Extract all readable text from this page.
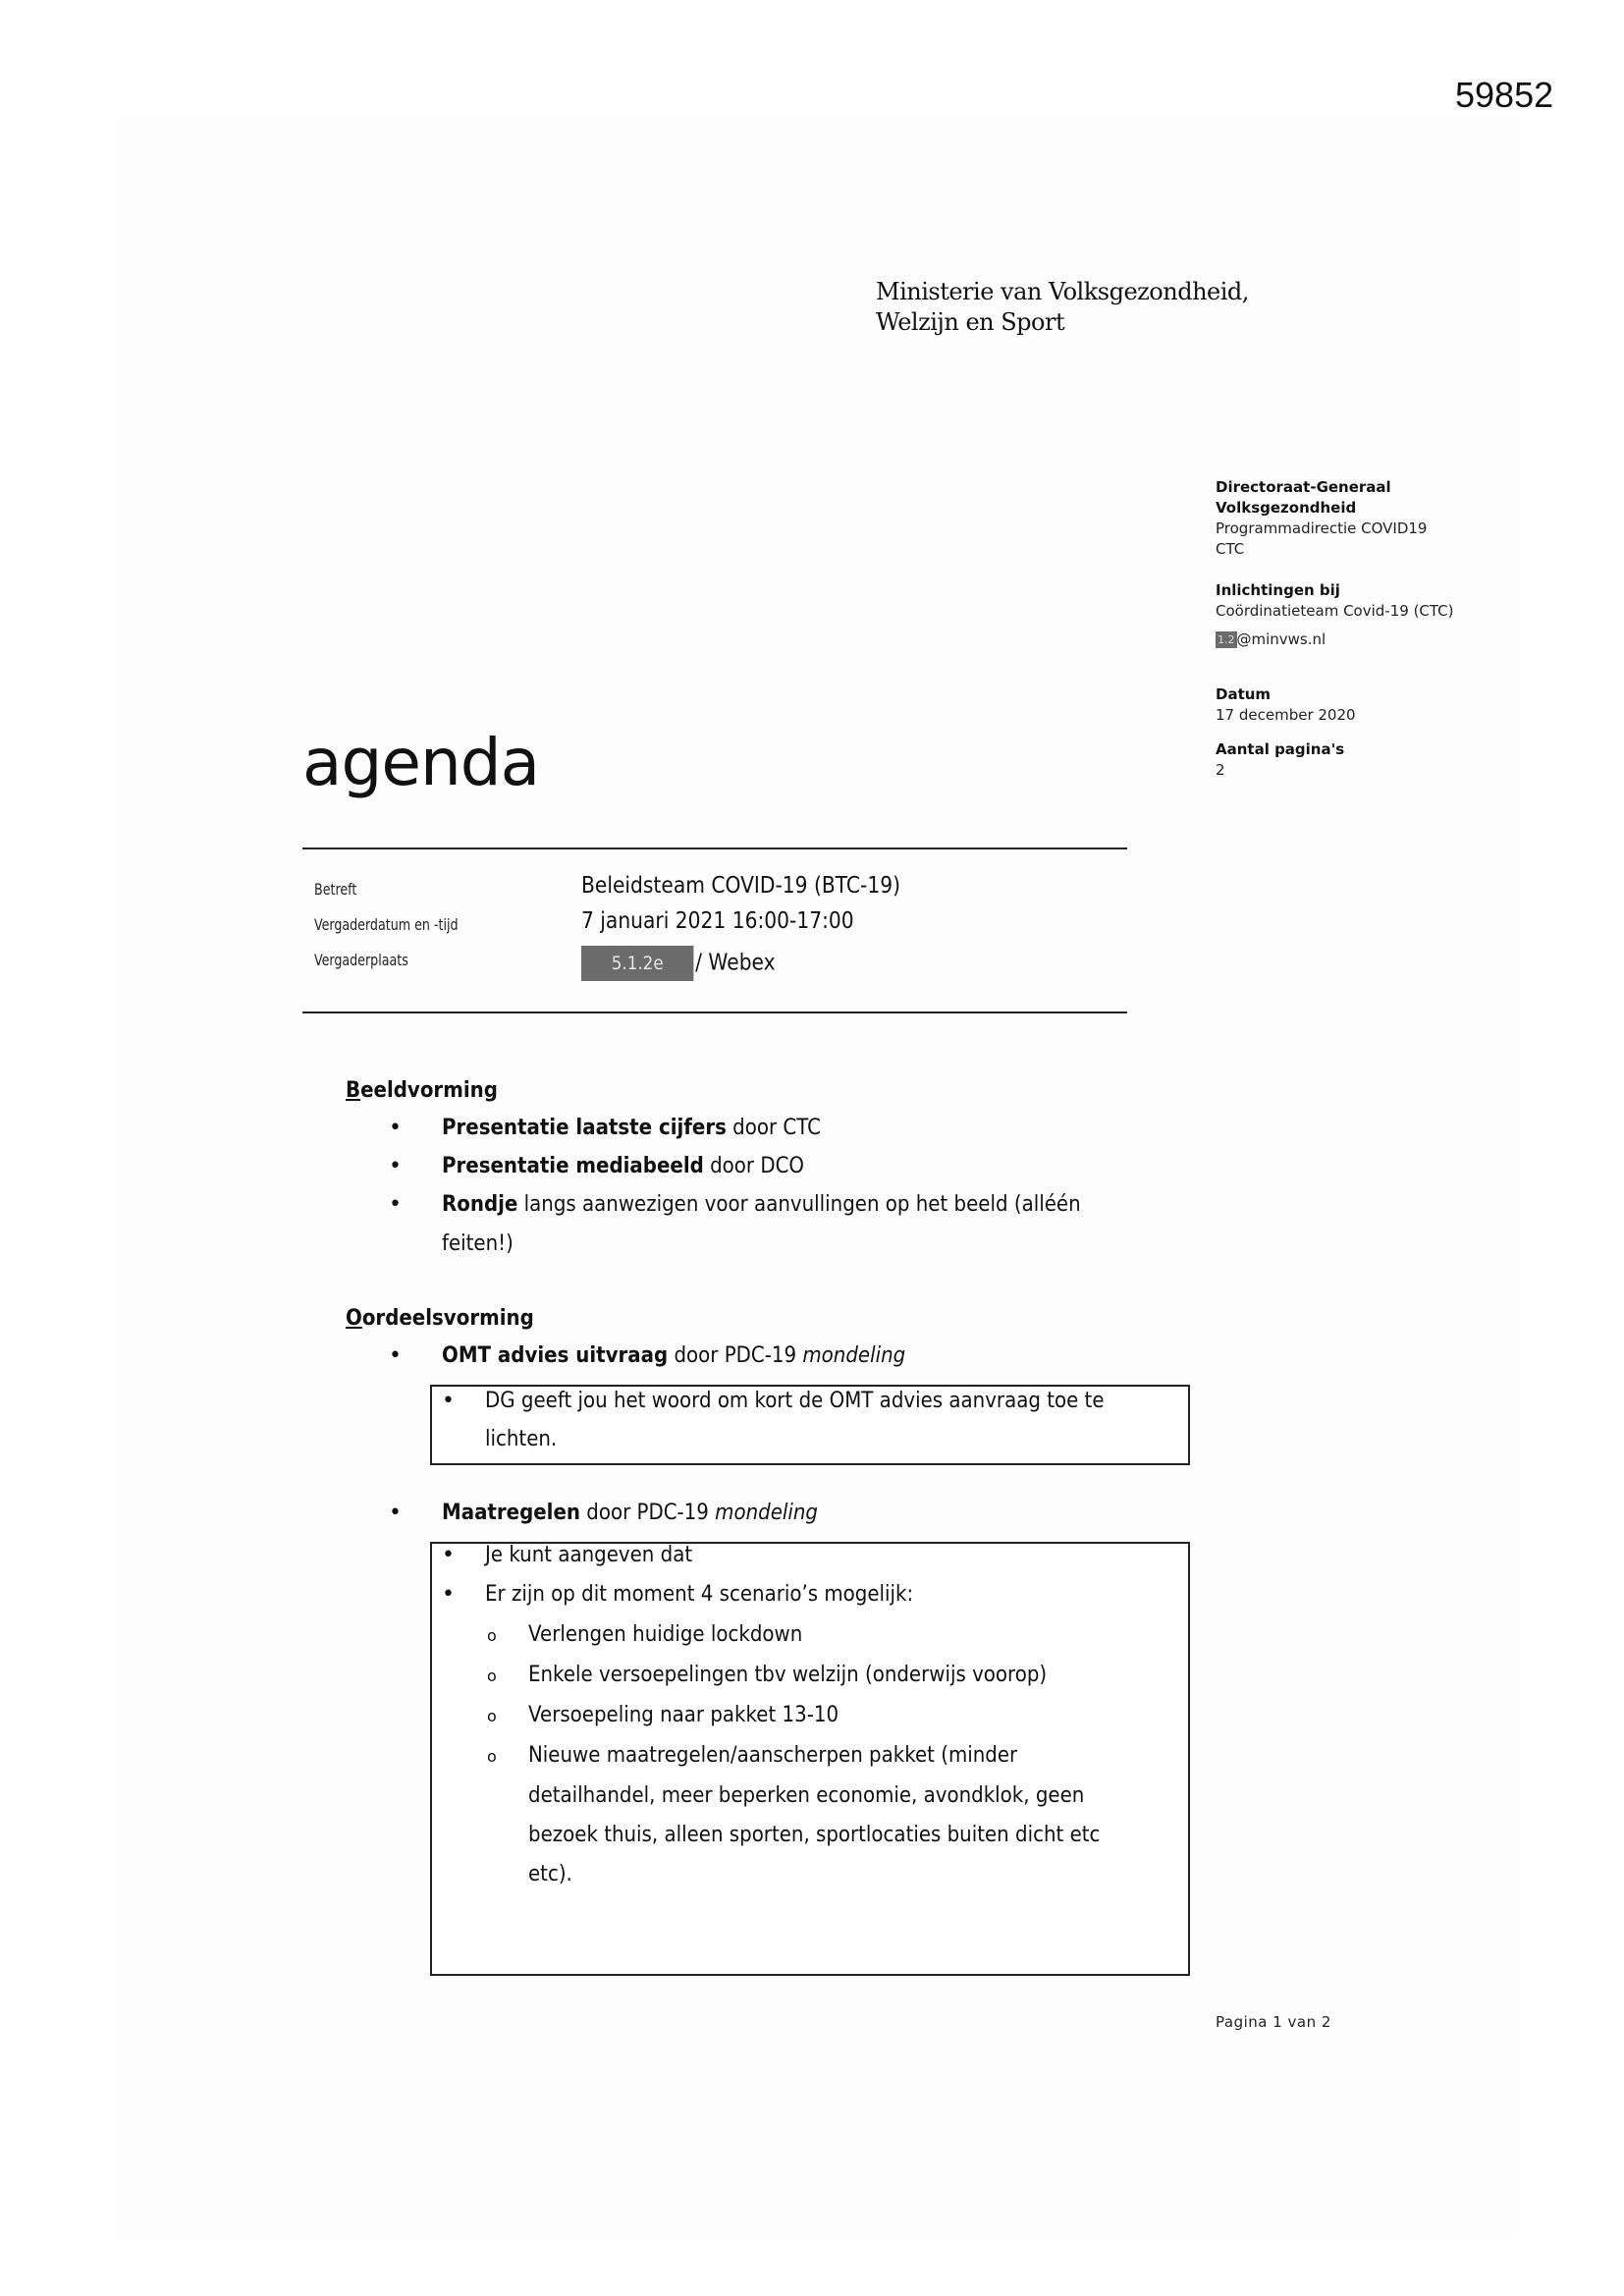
59852
Ministerie van Volksgezondheid,
Welzijn en Sport
Directoraat-Generaal
Volksgezondheid
Programmadirectie COVID19
CTC
Inlichtingen bij
Coördinatieteam Covid-19 (CTC)
1.2 @minvws.nl
Datum
17 december 2020
Aantal pagina's
2
agenda
Betreft	Beleidsteam COVID-19 (BTC-19)
Vergaderdatum en -tijd	7 januari 2021 16:00-17:00
Vergaderplaats	5.1.2e / Webex
Beeldvorming
• Presentatie laatste cijfers door CTC
• Presentatie mediabeeld door DCO
• Rondje langs aanwezigen voor aanvullingen op het beeld (alléén
feiten!)
Oordeelsvorming
• OMT advies uitvraag door PDC-19 mondeling
• DG geeft jou het woord om kort de OMT advies aanvraag toe te
lichten.
• Maatregelen door PDC-19 mondeling
• Je kunt aangeven dat
• Er zijn op dit moment 4 scenario’s mogelijk:
o Verlengen huidige lockdown
o Enkele versoepelingen tbv welzijn (onderwijs voorop)
o Versoepeling naar pakket 13-10
o Nieuwe maatregelen/aanscherpen pakket (minder
detailhandel, meer beperken economie, avondklok, geen
bezoek thuis, alleen sporten, sportlocaties buiten dicht etc
etc).
Pagina 1 van 2
